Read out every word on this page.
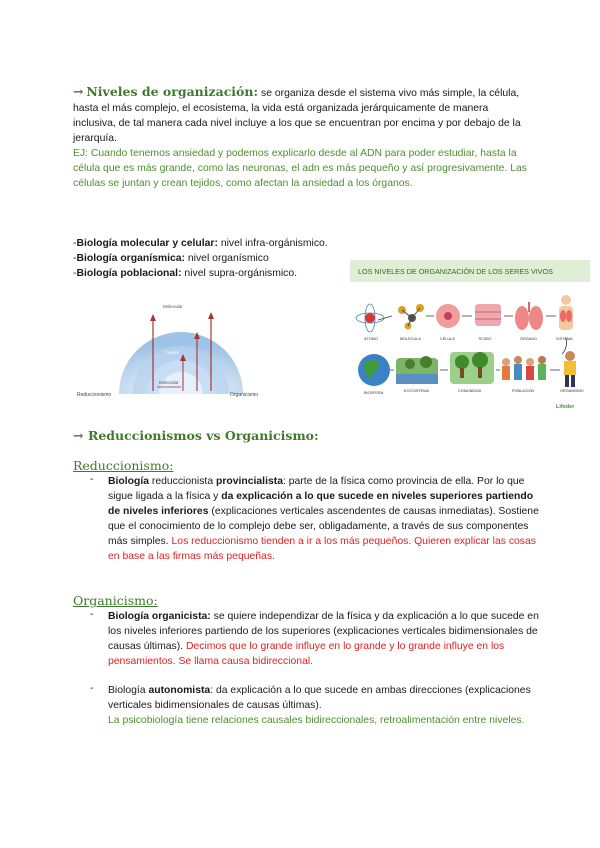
→ Niveles de organización: se organiza desde el sistema vivo más simple, la célula, hasta el más complejo, el ecosistema, la vida está organizada jerárquicamente de manera inclusiva, de tal manera cada nivel incluye a los que se encuentran por encima y por debajo de la jerarquía.
EJ: Cuando tenemos ansiedad y podemos explicarlo desde al ADN para poder estudiar, hasta la célula que es más grande, como las neuronas, el adn es más pequeño y así progresivamente. Las células se juntan y crean tejidos, como afectan la ansiedad a los órganos.
-Biología molecular y celular: nivel infra-orgánismico.
-Biología organísmica: nivel organísmico
-Biología poblacional: nivel supra-orgánismico.
Molecular
ORGANÍSMICA
Celular
Molecular
Reduccionismo	Organicismo
LOS NIVELES DE ORGANIZACIÓN DE LOS SERES VIVOS
ÁTOMO	MOLÉCULA	CÉLULA	TEJIDO	ÓRGANO	SISTEMA
BIOSFERA	ECOSISTEMA	COMUNIDAD	POBLACIÓN	ORGANISMO
Lifeder
→ Reduccionismos vs Organicismo:
Reduccionismo:
- Biología reduccionista provincialista: parte de la física como provincia de ella. Por lo que sigue ligada a la física y da explicación a lo que sucede en niveles superiores partiendo de niveles inferiores (explicaciones verticales ascendentes de causas inmediatas). Sostiene que el conocimiento de lo complejo debe ser, obligadamente, a través de sus componentes más simples. Los reduccionismo tienden a ir a los más pequeños. Quieren explicar las cosas en base a las firmas más pequeñas.
Organicismo:
- Biología organicista: se quiere independizar de la física y da explicación a lo que sucede en los niveles inferiores partiendo de los superiores (explicaciones verticales bidimensionales de causas últimas). Decimos que lo grande influye en lo grande y lo grande influye en los pensamientos. Se llama causa bidireccional.
- Biología autonomista: da explicación a lo que sucede en ambas direcciones (explicaciones verticales bidimensionales de causas últimas).
La psicobiología tiene relaciones causales bidireccionales, retroalimentación entre niveles.
